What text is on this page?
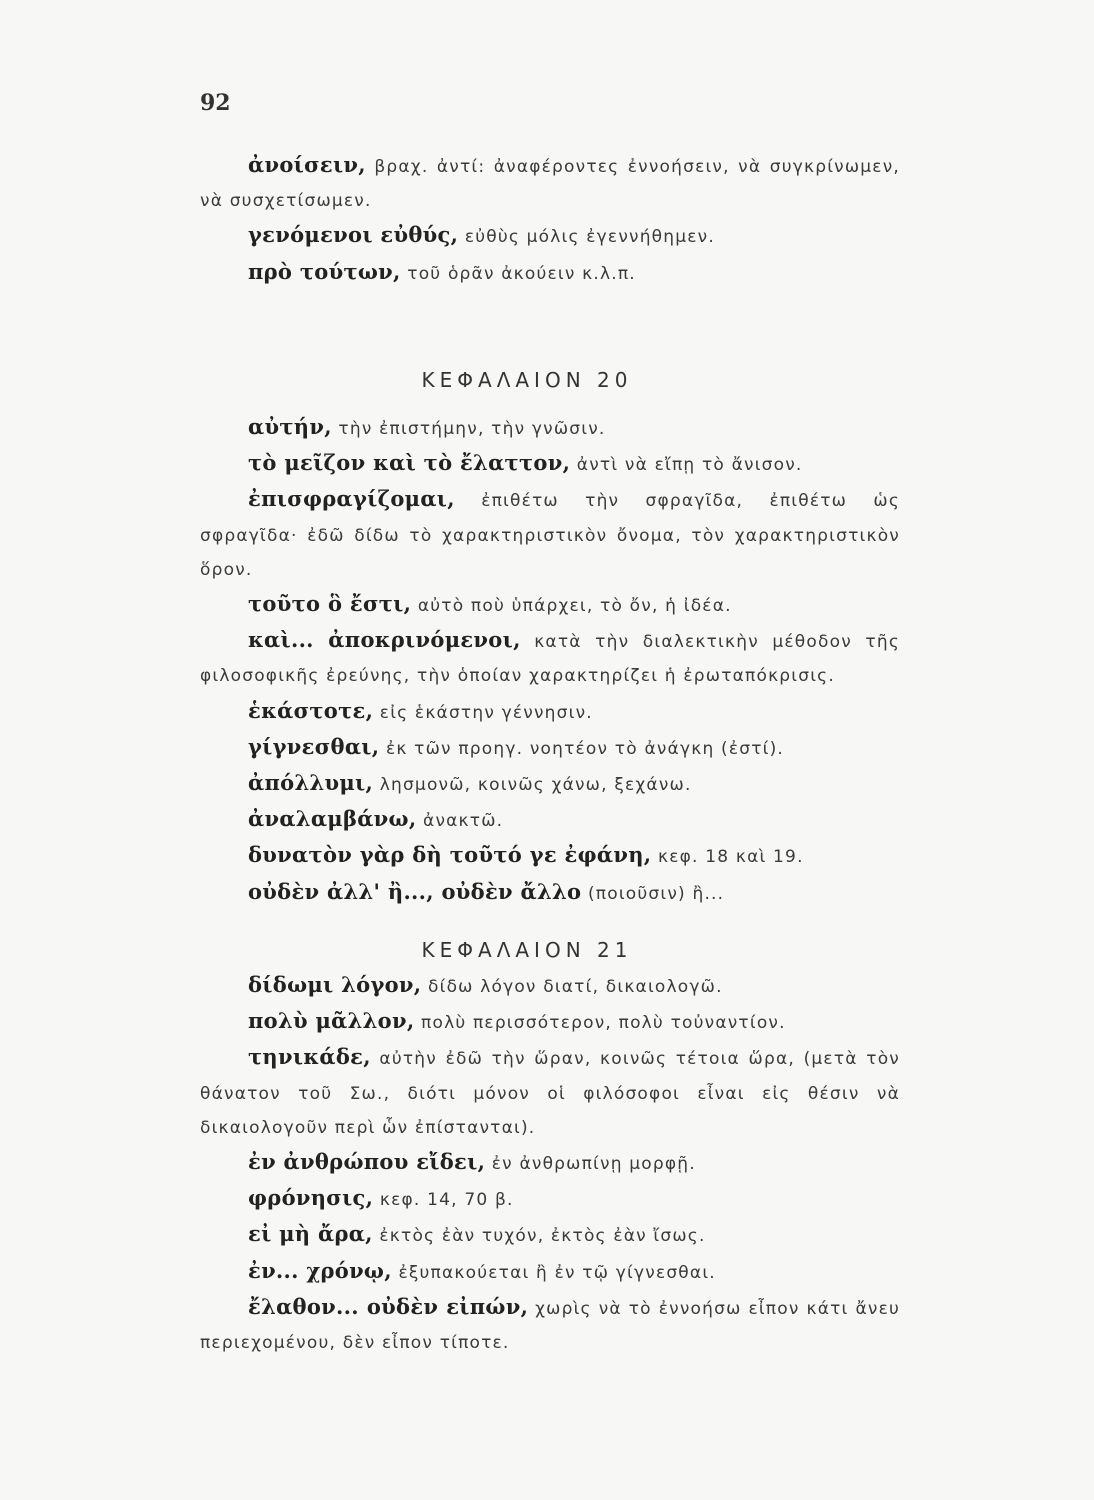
92

ἀνοίσειν, βραχ. ἀντί: ἀναφέροντες ἐννοήσειν, νὰ συγκρίνωμεν, νὰ συσχετίσωμεν.

γενόμενοι εὐθύς, εὐθὺς μόλις ἐγεννήθημεν.

πρὸ τούτων, τοῦ ὁρᾶν ἀκούειν κ.λ.π.

ΚΕΦΑΛΑΙΟΝ 20

αὐτήν, τὴν ἐπιστήμην, τὴν γνῶσιν.

τὸ μεῖζον καὶ τὸ ἔλαττον, ἀντὶ νὰ εἴπῃ τὸ ἄνισον.

ἐπισφραγίζομαι, ἐπιθέτω τὴν σφραγῖδα, ἐπιθέτω ὡς σφραγῖδα· ἐδῶ δίδω τὸ χαρακτηριστικὸν ὄνομα, τὸν χαρακτηριστικὸν ὅρον.

τοῦτο ὃ ἔστι, αὐτὸ ποὺ ὑπάρχει, τὸ ὄν, ἡ ἰδέα.

καὶ... ἀποκρινόμενοι, κατὰ τὴν διαλεκτικὴν μέθοδον τῆς φιλοσοφικῆς ἐρεύνης, τὴν ὁποίαν χαρακτηρίζει ἡ ἐρωταπόκρισις.

ἑκάστοτε, εἰς ἑκάστην γέννησιν.

γίγνεσθαι, ἐκ τῶν προηγ. νοητέον τὸ ἀνάγκη (ἐστί).

ἀπόλλυμι, λησμονῶ, κοινῶς χάνω, ξεχάνω.

ἀναλαμβάνω, ἀνακτῶ.

δυνατὸν γὰρ δὴ τοῦτό γε ἐφάνη, κεφ. 18 καὶ 19.

οὐδὲν ἀλλ' ἢ..., οὐδὲν ἄλλο (ποιοῦσιν) ἢ...

ΚΕΦΑΛΑΙΟΝ 21

δίδωμι λόγον, δίδω λόγον διατί, δικαιολογῶ.

πολὺ μᾶλλον, πολὺ περισσότερον, πολὺ τοὐναντίον.

τηνικάδε, αὐτὴν ἐδῶ τὴν ὥραν, κοινῶς τέτοια ὥρα, (μετὰ τὸν θάνατον τοῦ Σω., διότι μόνον οἱ φιλόσοφοι εἶναι εἰς θέσιν νὰ δικαιολογοῦν περὶ ὧν ἐπίστανται).

ἐν ἀνθρώπου εἴδει, ἐν ἀνθρωπίνῃ μορφῇ.

φρόνησις, κεφ. 14, 70 β.

εἰ μὴ ἄρα, ἐκτὸς ἐὰν τυχόν, ἐκτὸς ἐὰν ἴσως.

ἐν... χρόνῳ, ἐξυπακούεται ἢ ἐν τῷ γίγνεσθαι.

ἔλαθον... οὐδὲν εἰπών, χωρὶς νὰ τὸ ἐννοήσω εἶπον κάτι ἄνευ περιεχομένου, δὲν εἶπον τίποτε.
